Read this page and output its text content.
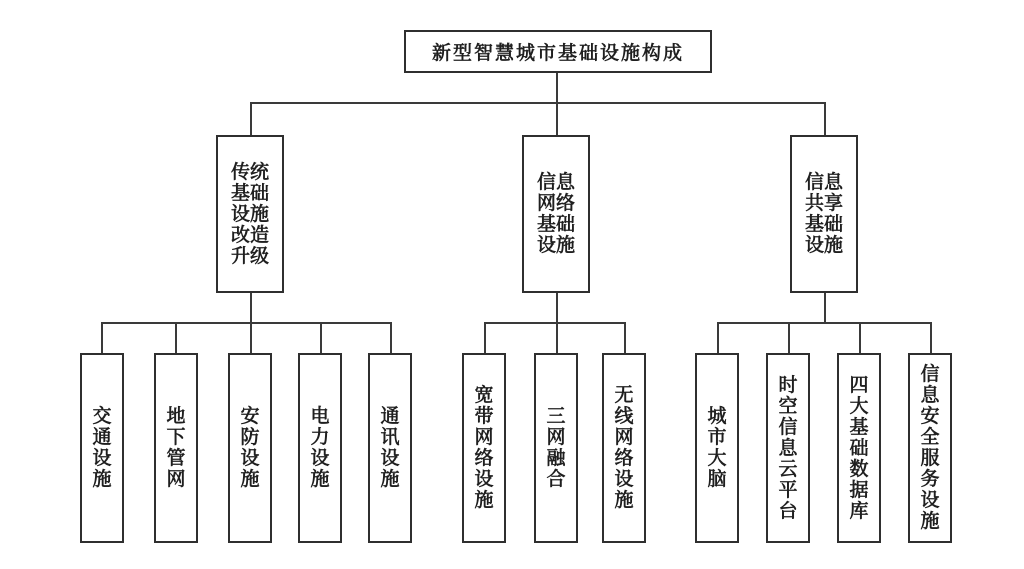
新型智慧城市基础设施构成
传统基础设施改造升级
信息网络基础设施
信息共享基础设施
交通设施
地下管网
安防设施
电力设施
通讯设施
宽带网络设施
三网融合
无线网络设施
城市大脑
时空信息云平台
四大基础数据库
信息安全服务设施
